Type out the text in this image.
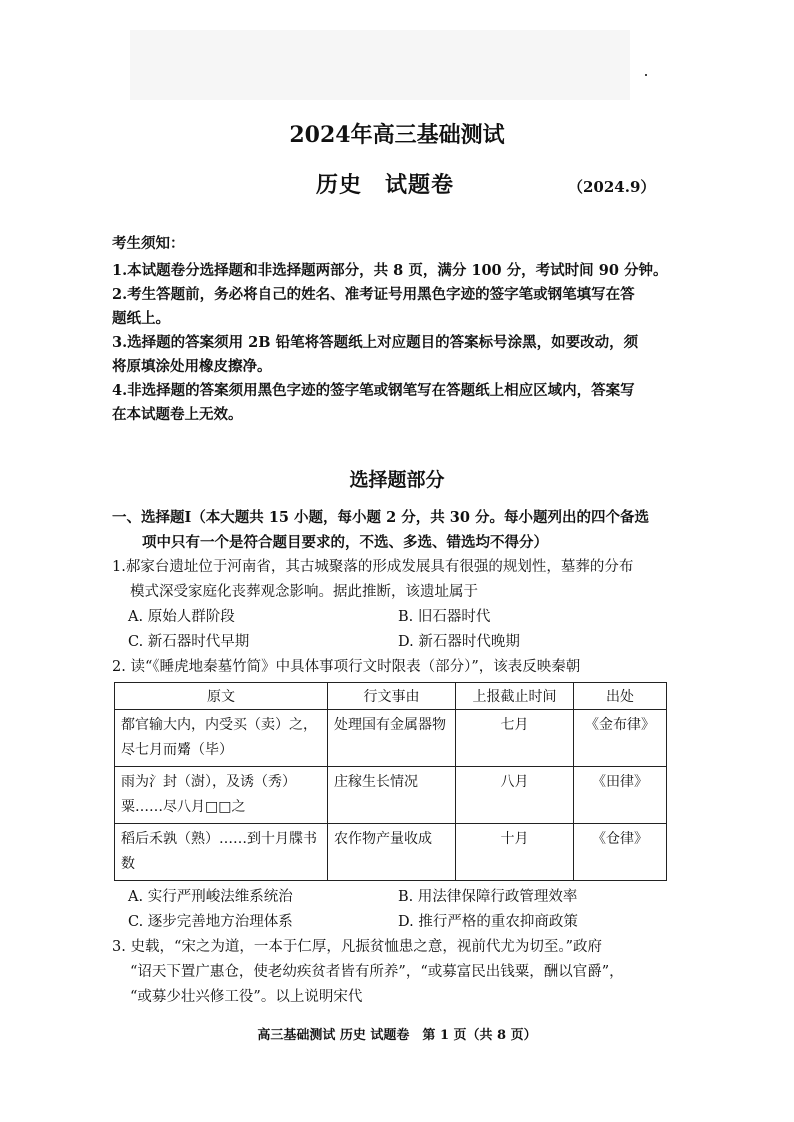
2024年高三基础测试
历史　试题卷	（2024.9）
考生须知：
1.本试题卷分选择题和非选择题两部分，共 8 页，满分 100 分，考试时间 90 分钟。
2.考生答题前，务必将自己的姓名、准考证号用黑色字迹的签字笔或钢笔填写在答
题纸上。
3.选择题的答案须用 2B 铅笔将答题纸上对应题目的答案标号涂黑，如要改动，须
将原填涂处用橡皮擦净。
4.非选择题的答案须用黑色字迹的签字笔或钢笔写在答题纸上相应区域内，答案写
在本试题卷上无效。
选择题部分
一、选择题Ⅰ（本大题共 15 小题，每小题 2 分，共 30 分。每小题列出的四个备选
项中只有一个是符合题目要求的，不选、多选、错选均不得分）
1.郝家台遗址位于河南省，其古城聚落的形成发展具有很强的规划性，墓葬的分布
模式深受家庭化丧葬观念影响。据此推断，该遗址属于
A. 原始人群阶段	B. 旧石器时代
C. 新石器时代早期	D. 新石器时代晚期
2. 读“《睡虎地秦墓竹简》中具体事项行文时限表（部分）”，该表反映秦朝
原文	行文事由	上报截止时间	出处
都官输大内，内受买（卖）之，尽七月而觱（毕）	处理国有金属器物	七月	《金布律》
雨为氵封（澍），及诱（秀）粟……尽八月□□之	庄稼生长情况	八月	《田律》
稻后禾孰（熟）……到十月牒书数	农作物产量收成	十月	《仓律》
A. 实行严刑峻法维系统治	B. 用法律保障行政管理效率
C. 逐步完善地方治理体系	D. 推行严格的重农抑商政策
3. 史载，“宋之为道，一本于仁厚，凡振贫恤患之意，视前代尤为切至。”政府
“诏天下置广惠仓，使老幼疾贫者皆有所养”，“或募富民出钱粟，酬以官爵”，
“或募少壮兴修工役”。以上说明宋代
高三基础测试 历史 试题卷　第 1 页（共 8 页）
